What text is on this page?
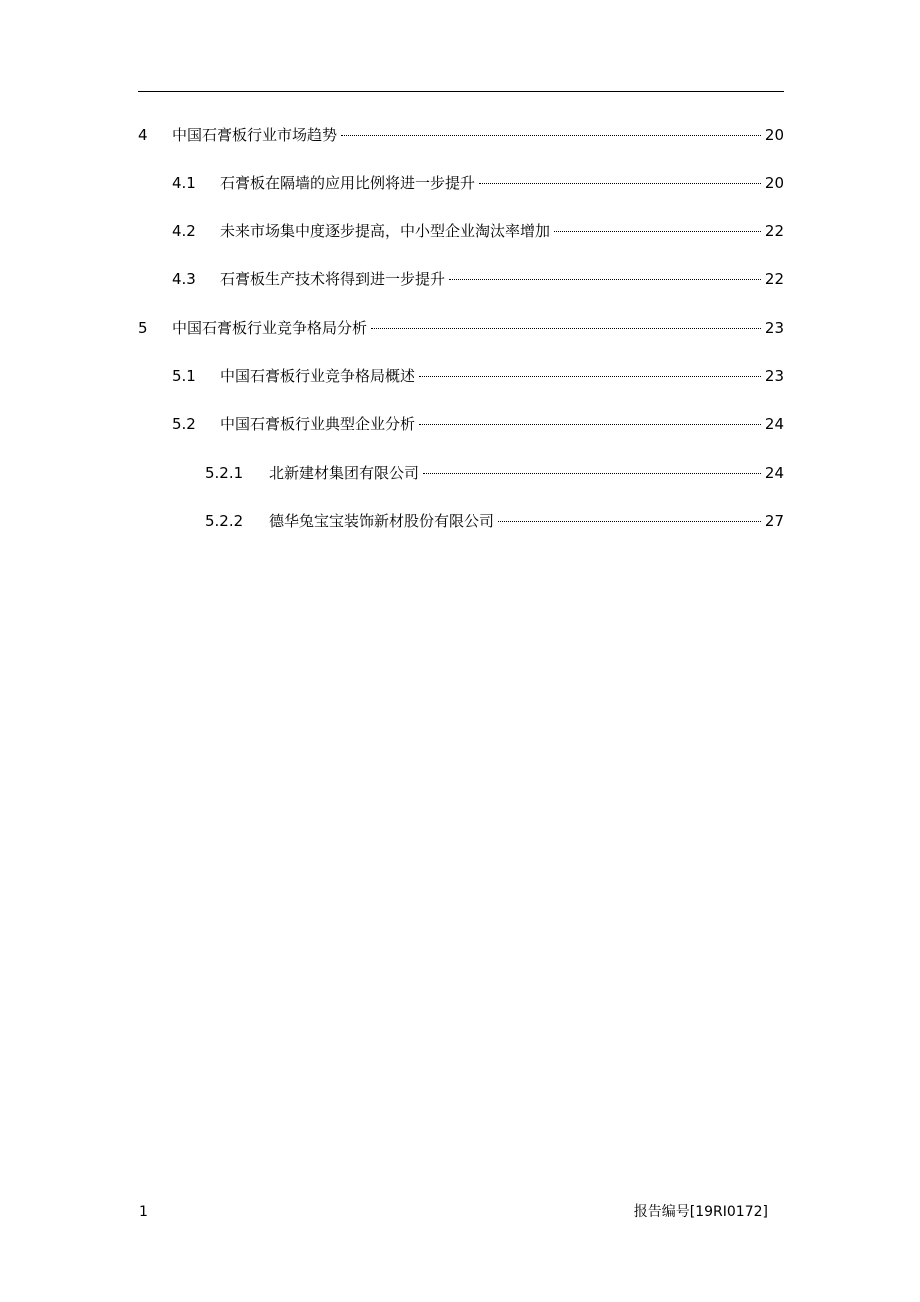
4 中国石膏板行业市场趋势	20
4.1 石膏板在隔墙的应用比例将进一步提升	20
4.2 未来市场集中度逐步提高，中小型企业淘汰率增加	22
4.3 石膏板生产技术将得到进一步提升	22
5 中国石膏板行业竞争格局分析	23
5.1 中国石膏板行业竞争格局概述	23
5.2 中国石膏板行业典型企业分析	24
5.2.1 北新建材集团有限公司	24
5.2.2 德华兔宝宝装饰新材股份有限公司	27
1	报告编号[19RI0172]
